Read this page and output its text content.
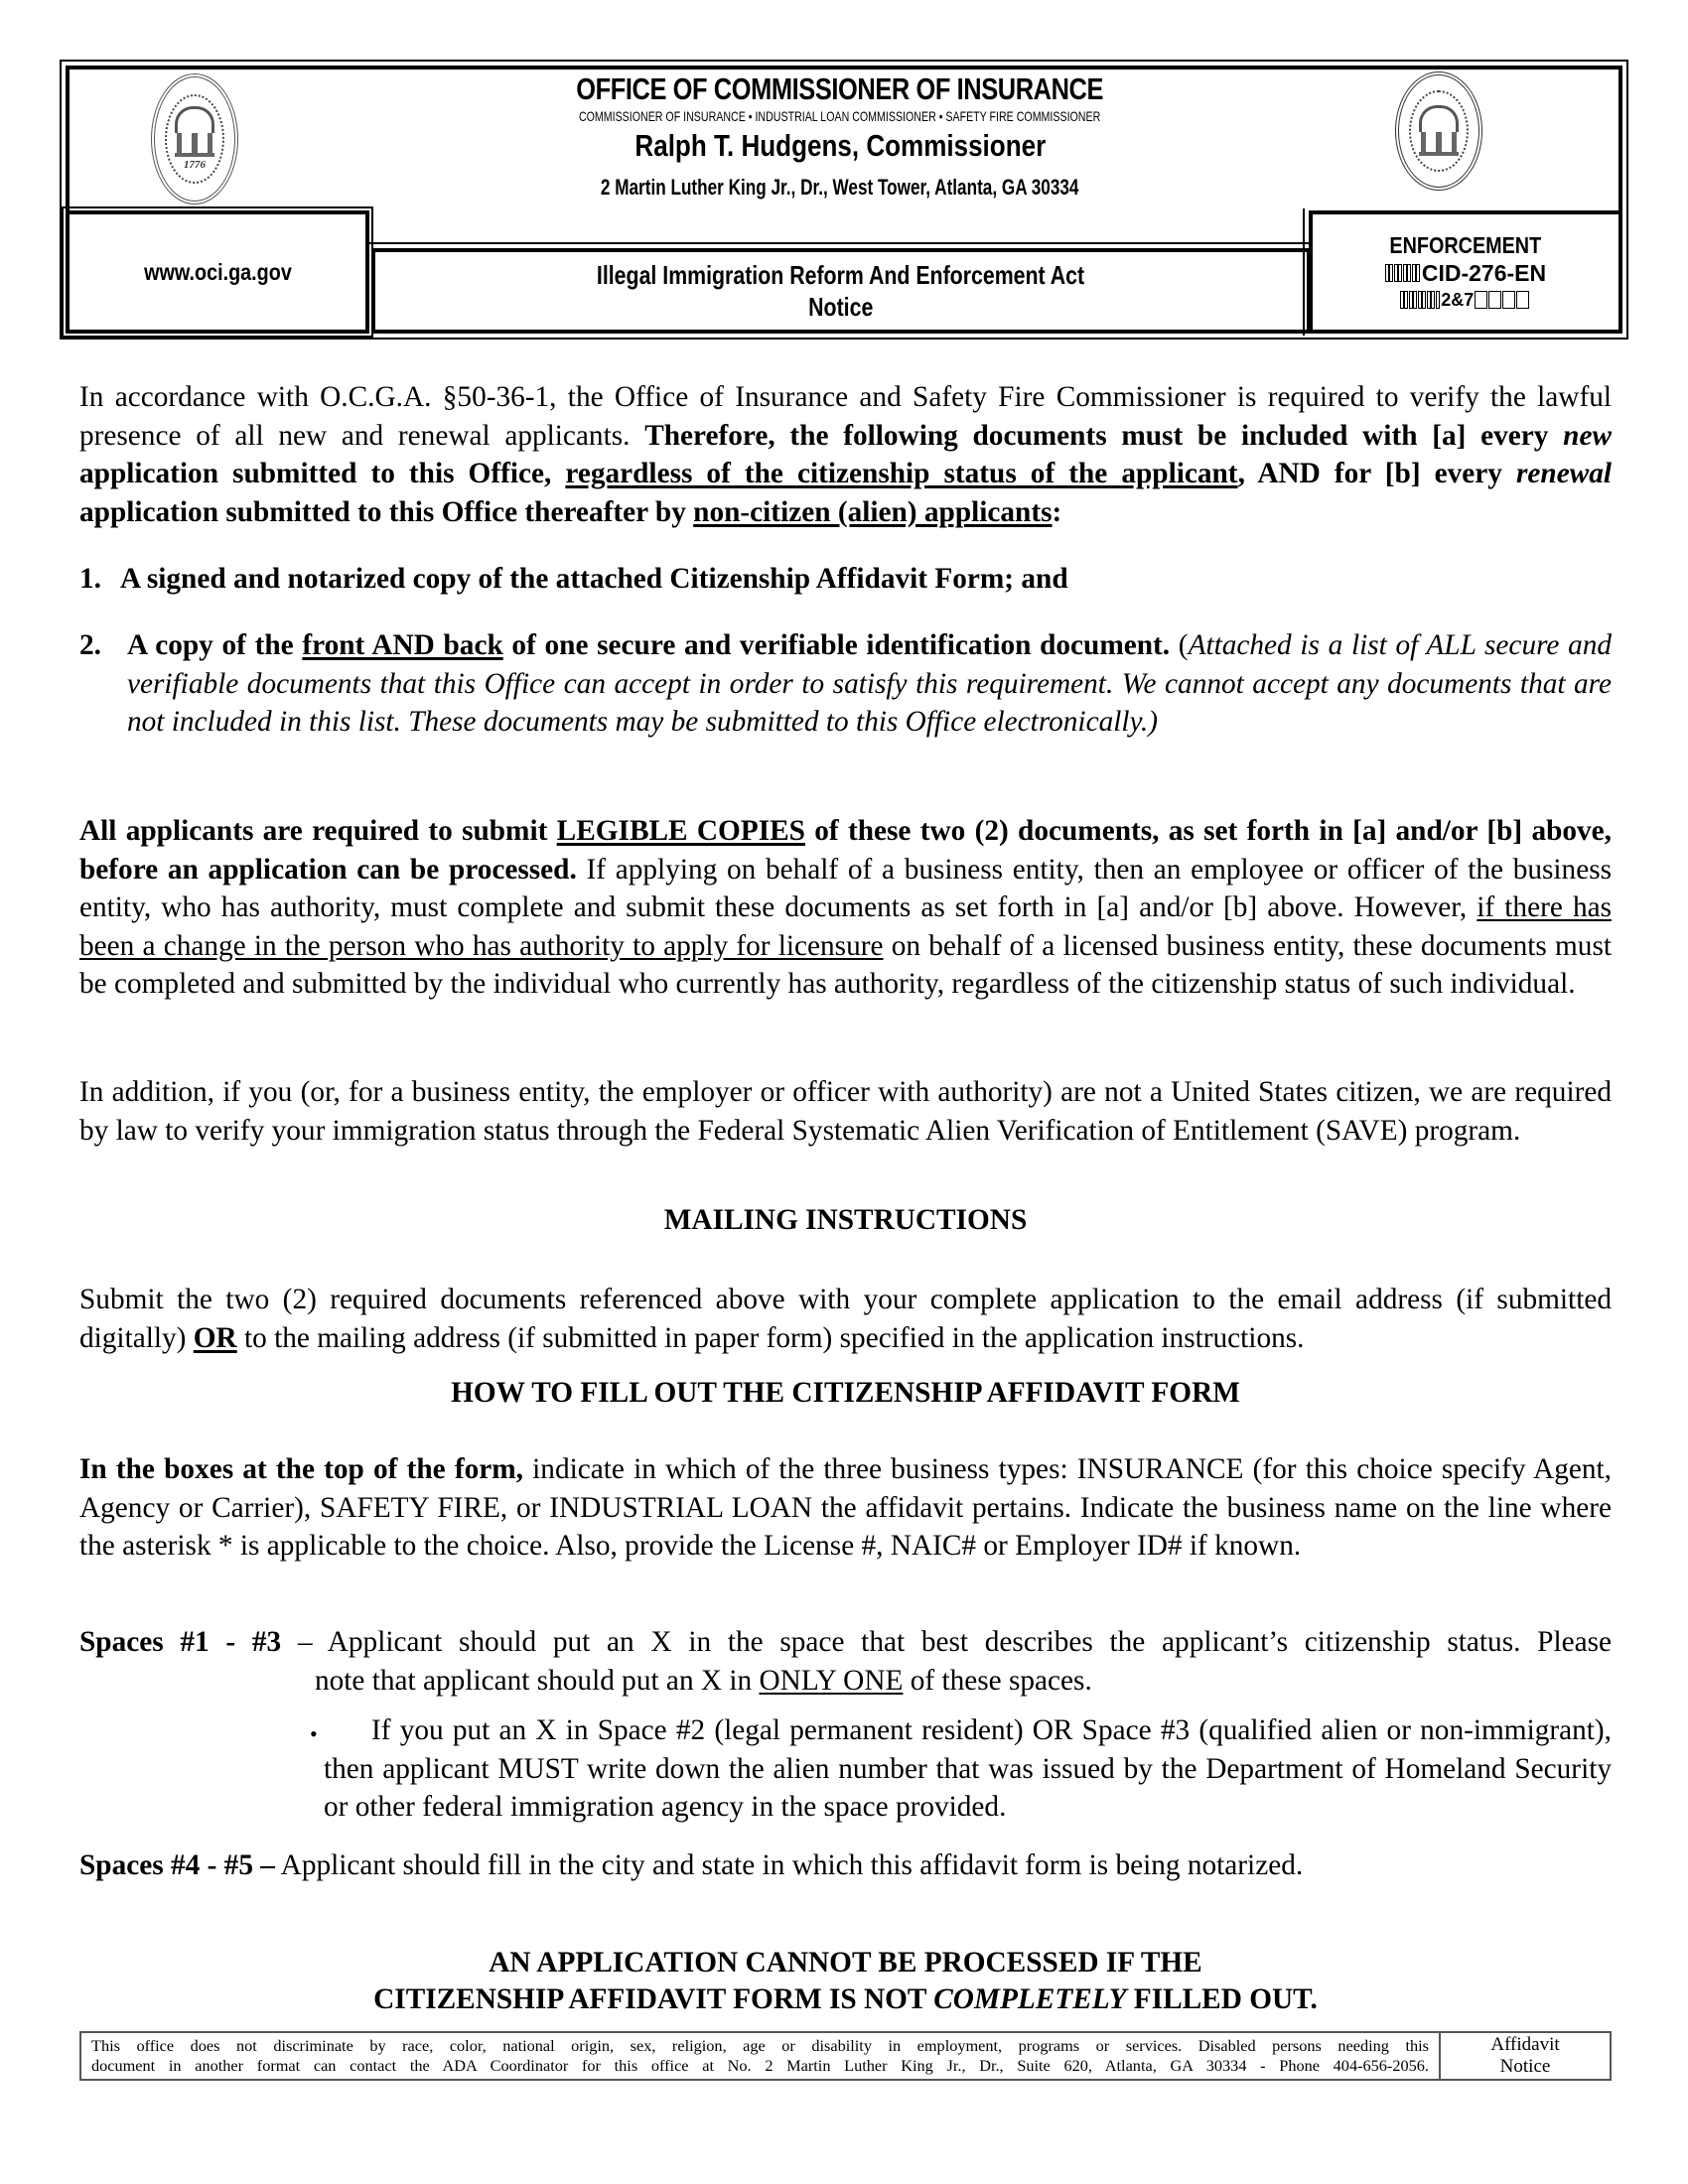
1776
OFFICE OF COMMISSIONER OF INSURANCE
COMMISSIONER OF INSURANCE • INDUSTRIAL LOAN COMMISSIONER • SAFETY FIRE COMMISSIONER
Ralph T. Hudgens, Commissioner
2 Martin Luther King Jr., Dr., West Tower, Atlanta, GA 30334
www.oci.ga.gov	Illegal Immigration Reform And Enforcement Act
Notice
ENFORCEMENT
C ID-276-EN
2&7
In accordance with O.C.G.A. §50-36-1, the Office of Insurance and Safety Fire Commissioner is required to verify the lawful presence of all new and renewal applicants. Therefore, the following documents must be included with [a] every new application submitted to this Office, regardless of the citizenship status of the applicant, AND for [b] every renewal application submitted to this Office thereafter by non-citizen (alien) applicants:
1. A signed and notarized copy of the attached Citizenship Affidavit Form; and
2. A copy of the front AND back of one secure and verifiable identification document. (Attached is a list of ALL secure and verifiable documents that this Office can accept in order to satisfy this requirement. We cannot accept any documents that are not included in this list. These documents may be submitted to this Office electronically.)
All applicants are required to submit LEGIBLE COPIES of these two (2) documents, as set forth in [a] and/or [b] above, before an application can be processed. If applying on behalf of a business entity, then an employee or officer of the business entity, who has authority, must complete and submit these documents as set forth in [a] and/or [b] above. However, if there has been a change in the person who has authority to apply for licensure on behalf of a licensed business entity, these documents must be completed and submitted by the individual who currently has authority, regardless of the citizenship status of such individual.
In addition, if you (or, for a business entity, the employer or officer with authority) are not a United States citizen, we are required by law to verify your immigration status through the Federal Systematic Alien Verification of Entitlement (SAVE) program.
MAILING INSTRUCTIONS
Submit the two (2) required documents referenced above with your complete application to the email address (if submitted digitally) OR to the mailing address (if submitted in paper form) specified in the application instructions.
HOW TO FILL OUT THE CITIZENSHIP AFFIDAVIT FORM
In the boxes at the top of the form, indicate in which of the three business types: INSURANCE (for this choice specify Agent, Agency or Carrier), SAFETY FIRE, or INDUSTRIAL LOAN the affidavit pertains. Indicate the business name on the line where the asterisk * is applicable to the choice. Also, provide the License #, NAIC# or Employer ID# if known.
Spaces #1 - #3 – Applicant should put an X in the space that best describes the applicant’s citizenship status. Please
note that applicant should put an X in ONLY ONE of these spaces.
•	If you put an X in Space #2 (legal permanent resident) OR Space #3 (qualified alien or non-immigrant), then applicant MUST write down the alien number that was issued by the Department of Homeland Security or other federal immigration agency in the space provided.
Spaces #4 - #5 – Applicant should fill in the city and state in which this affidavit form is being notarized.
AN APPLICATION CANNOT BE PROCESSED IF THE
CITIZENSHIP AFFIDAVIT FORM IS NOT COMPLETELY FILLED OUT.
This office does not discriminate by race, color, national origin, sex, religion, age or disability in employment, programs or services. Disabled persons needing this
document in another format can contact the ADA Coordinator for this office at No. 2 Martin Luther King Jr., Dr., Suite 620, Atlanta, GA 30334 - Phone 404-656-2056.
Affidavit
Notice
